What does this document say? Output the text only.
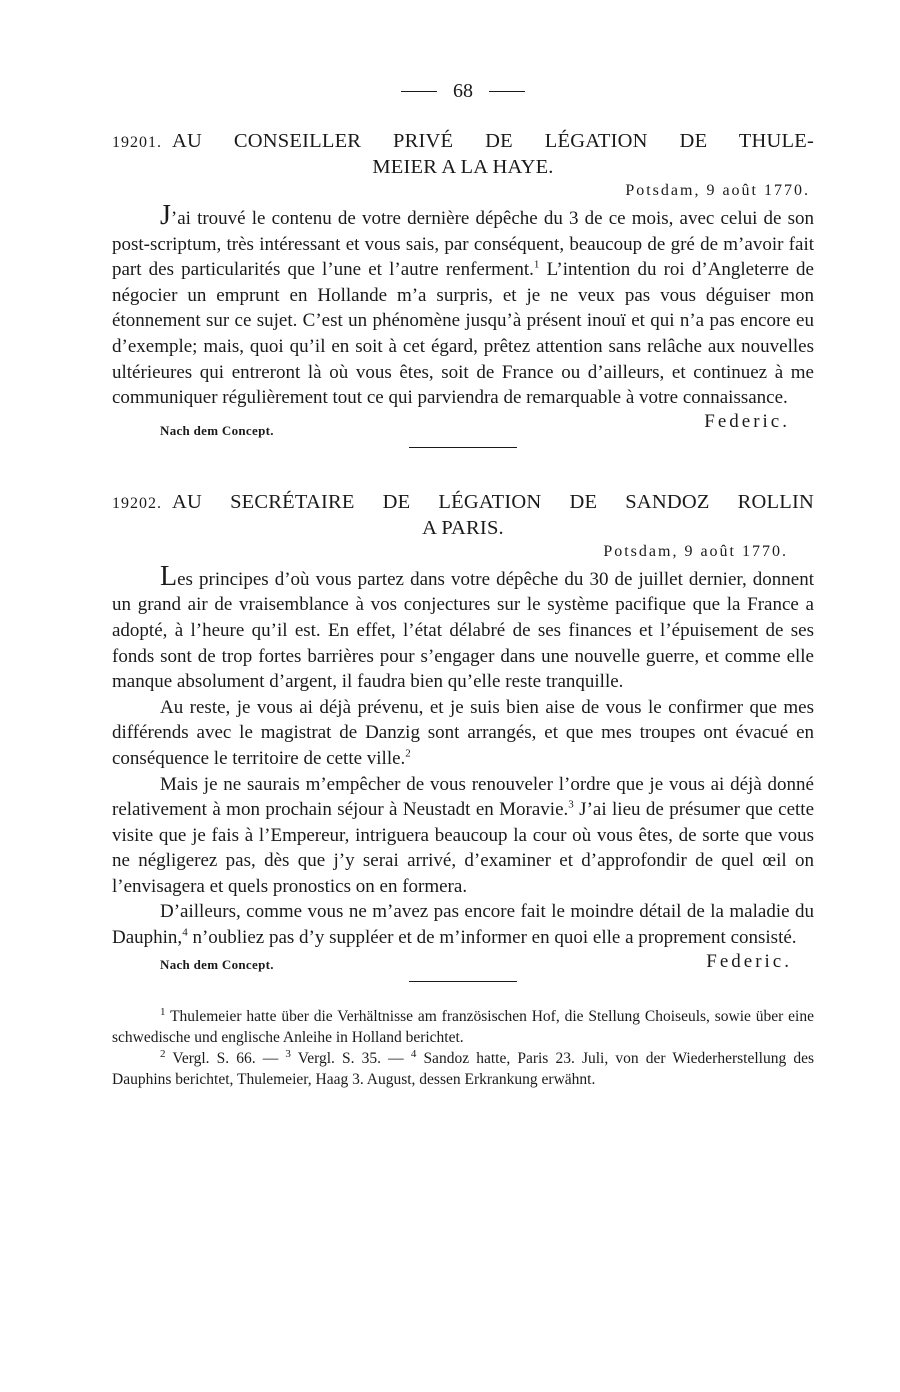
68
19201. AU CONSEILLER PRIVÉ DE LÉGATION DE THULE-
MEIER A LA HAYE.
Potsdam, 9 août 1770.

J’ai trouvé le contenu de votre dernière dépêche du 3 de ce mois, avec celui de son post-scriptum, très intéressant et vous sais, par conséquent, beaucoup de gré de m’avoir fait part des particularités que l’une et l’autre renferment.$^1$ L’intention du roi d’Angleterre de négocier un emprunt en Hollande m’a surpris, et je ne veux pas vous déguiser mon étonnement sur ce sujet. C’est un phénomène jusqu’à présent inouï et qui n’a pas encore eu d’exemple; mais, quoi qu’il en soit à cet égard, prêtez attention sans relâche aux nouvelles ultérieures qui entreront là où vous êtes, soit de France ou d’ailleurs, et continuez à me communiquer régulièrement tout ce qui parviendra de remarquable à votre connaissance.

Nach dem Concept.	Federic.
19202. AU SECRÉTAIRE DE LÉGATION DE SANDOZ ROLLIN
A PARIS.
Potsdam, 9 août 1770.

Les principes d’où vous partez dans votre dépêche du 30 de juillet dernier, donnent un grand air de vraisemblance à vos conjectures sur le système pacifique que la France a adopté, à l’heure qu’il est. En effet, l’état délabré de ses finances et l’épuisement de ses fonds sont de trop fortes barrières pour s’engager dans une nouvelle guerre, et comme elle manque absolument d’argent, il faudra bien qu’elle reste tranquille.

Au reste, je vous ai déjà prévenu, et je suis bien aise de vous le confirmer que mes différends avec le magistrat de Danzig sont arrangés, et que mes troupes ont évacué en conséquence le territoire de cette ville.$^2$

Mais je ne saurais m’empêcher de vous renouveler l’ordre que je vous ai déjà donné relativement à mon prochain séjour à Neustadt en Moravie.$^3$ J’ai lieu de présumer que cette visite que je fais à l’Empereur, intriguera beaucoup la cour où vous êtes, de sorte que vous ne négligerez pas, dès que j’y serai arrivé, d’examiner et d’approfondir de quel œil on l’envisagera et quels pronostics on en formera.

D’ailleurs, comme vous ne m’avez pas encore fait le moindre détail de la maladie du Dauphin,$^4$ n’oubliez pas d’y suppléer et de m’informer en quoi elle a proprement consisté.

Nach dem Concept.	Federic.

$^1$ Thulemeier hatte über die Verhältnisse am französischen Hof, die Stellung Choiseuls, sowie über eine schwedische und englische Anleihe in Holland berichtet.

$^2$ Vergl. S. 66. — $^3$ Vergl. S. 35. — $^4$ Sandoz hatte, Paris 23. Juli, von der Wiederherstellung des Dauphins berichtet, Thulemeier, Haag 3. August, dessen Erkrankung erwähnt.
